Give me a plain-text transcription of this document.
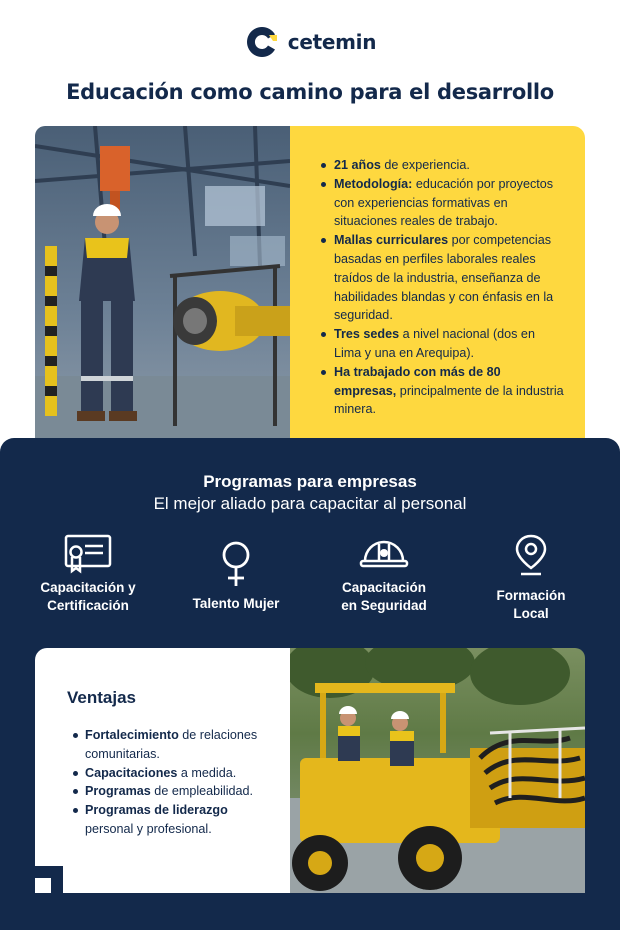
cetemin
Educación como camino para el desarrollo
21 años de experiencia.
Metodología: educación por proyectos con experiencias formativas en situaciones reales de trabajo.
Mallas curriculares por competencias basadas en perfiles laborales reales traídos de la industria, enseñanza de habilidades blandas y con énfasis en la seguridad.
Tres sedes a nivel nacional (dos en Lima y una en Arequipa).
Ha trabajado con más de 80 empresas, principalmente de la industria minera.
Programas para empresas
El mejor aliado para capacitar al personal
Capacitación y
Certificación	Talento Mujer
Capacitación
en Seguridad
Formación
Local
Ventajas
Fortalecimiento de relaciones comunitarias.
Capacitaciones a medida.
Programas de empleabilidad.
Programas de liderazgo personal y profesional.
